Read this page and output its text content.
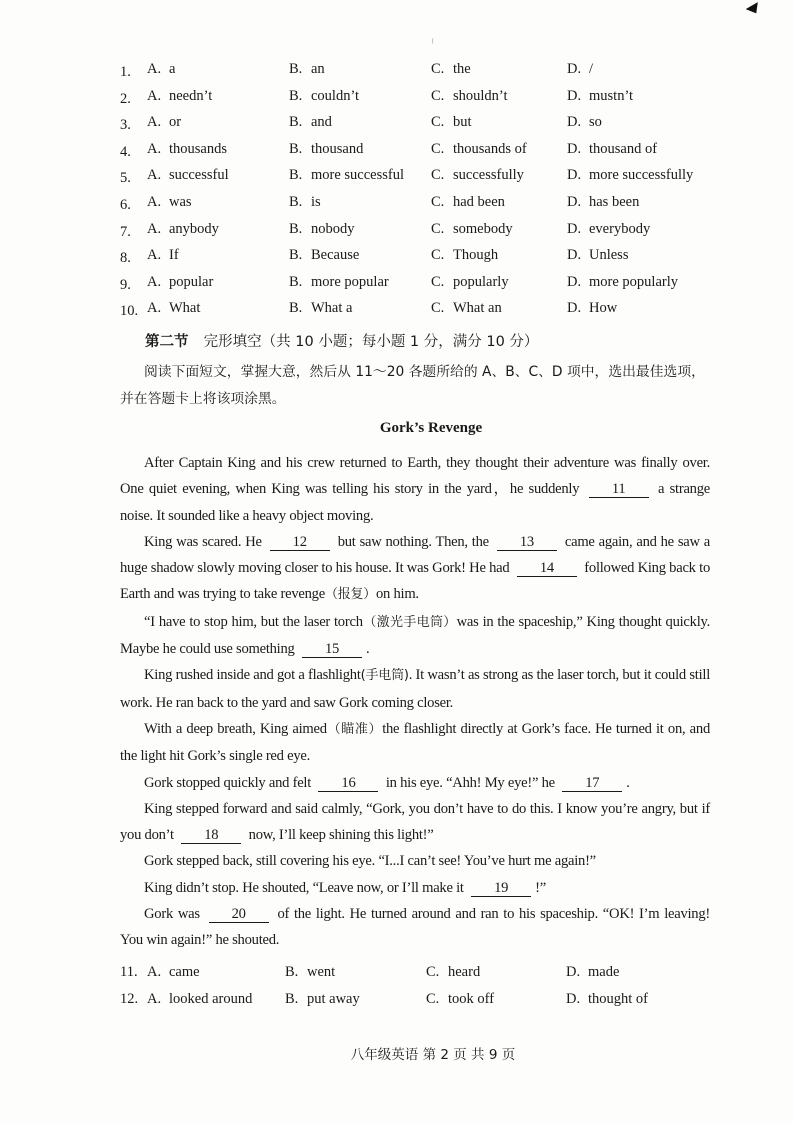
1.	A. a	B. an	C. the	D. /
2.	A. needn’t	B. couldn’t	C. shouldn’t	D. mustn’t
3.	A. or	B. and	C. but	D. so
4.	A. thousands	B. thousand	C. thousands of	D. thousand of
5.	A. successful	B. more successful C. successfully	D. more successfully
6.	A. was	B. is	C. had been	D. has been
7.	A. anybody	B. nobody	C. somebody	D. everybody
8.	A. If	B. Because	C. Though	D. Unless
9.	A. popular	B. more popular	C. popularly	D. more popularly
10. A. What	B. What a	C. What an	D. How
第二节 完形填空（共 10 小题；每小题 1 分，满分 10 分）
阅读下面短文，掌握大意，然后从 11～20 各题所给的 A、B、C、D 项中，选出最佳选项，并在答题卡上将该项涂黑。
Gork’s Revenge

After Captain King and his crew returned to Earth, they thought their adventure was finally over. One quiet evening, when King was telling his story in the yard，he suddenly 11 a strange noise. It sounded like a heavy object moving.

King was scared. He 12 but saw nothing. Then, the 13 came again, and he saw a huge shadow slowly moving closer to his house. It was Gork! He had 14 followed King back to Earth and was trying to take revenge（报复）on him.

“I have to stop him, but the laser torch（激光手电筒）was in the spaceship,” King thought quickly. Maybe he could use something 15 .

King rushed inside and got a flashlight(手电筒). It wasn’t as strong as the laser torch, but it could still work. He ran back to the yard and saw Gork coming closer.

With a deep breath, King aimed（瞄准）the flashlight directly at Gork’s face. He turned it on, and the light hit Gork’s single red eye.

Gork stopped quickly and felt 16 in his eye. “Ahh! My eye!” he 17 .

King stepped forward and said calmly, “Gork, you don’t have to do this. I know you’re angry, but if you don’t 18 now, I’ll keep shining this light!”

Gork stepped back, still covering his eye. “I...I can’t see! You’ve hurt me again!”

King didn’t stop. He shouted, “Leave now, or I’ll make it 19 !”

Gork was 20 of the light. He turned around and ran to his spaceship. “OK! I’m leaving! You win again!” he shouted.

11. A. came	B. went	C. heard	D. made
12. A. looked around B. put away	C. took off	D. thought of
八年级英语 第 2 页 共 9 页
